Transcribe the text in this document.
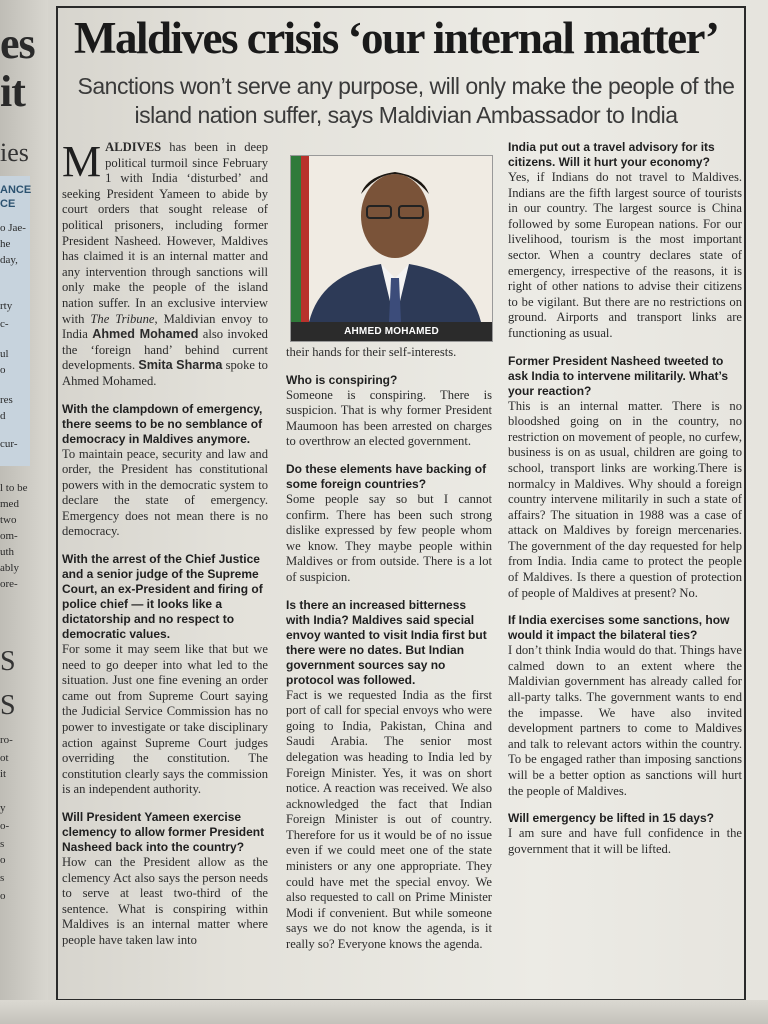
es
it
ies
ANCE
CE
o Jae-
he
day,
rty
c-
ul
o
res
d
cur-
l to be
med
two
om-
uth
ably
ore-
S
S
ro-
ot
it
y
o-
s
o
s
o
Maldives crisis ‘our internal matter’
Sanctions won’t serve any purpose, will only make the people of the island nation suffer, says Maldivian Ambassador to India

MALDIVES has been in deep political turmoil since February 1 with India ‘disturbed’ and seeking President Yameen to abide by court orders that sought release of political prisoners, including former President Nasheed. However, Maldives has claimed it is an internal matter and any intervention through sanctions will only make the people of the island nation suffer. In an exclusive interview with The Tribune, Maldivian envoy to India Ahmed Mohamed also invoked the ‘foreign hand’ behind current developments. Smita Sharma spoke to Ahmed Mohamed.

With the clampdown of emergency, there seems to be no semblance of democracy in Maldives anymore.

To maintain peace, security and law and order, the President has constitutional powers with in the democratic system to declare the state of emergency. Emergency does not mean there is no democracy.

With the arrest of the Chief Justice and a senior judge of the Supreme Court, an ex-President and firing of police chief — it looks like a dictatorship and no respect to democratic values.

For some it may seem like that but we need to go deeper into what led to the situation. Just one fine evening an order came out from Supreme Court saying the Judicial Service Commission has no power to investigate or take disciplinary action against Supreme Court judges overriding the constitution. The constitution clearly says the commission is an independent authority.

Will President Yameen exercise clemency to allow former President Nasheed back into the country?

How can the President allow as the clemency Act also says the person needs to serve at least two-third of the sentence. What is conspiring within Maldives is an internal matter where people have taken law into

AHMED MOHAMED

their hands for their self-interests.

Who is conspiring?

Someone is conspiring. There is suspicion. That is why former President Maumoon has been arrested on charges to overthrow an elected government.

Do these elements have backing of some foreign countries?

Some people say so but I cannot confirm. There has been such strong dislike expressed by few people whom we know. They maybe people within Maldives or from outside. There is a lot of suspicion.

Is there an increased bitterness with India? Maldives said special envoy wanted to visit India first but there were no dates. But Indian government sources say no protocol was followed.

Fact is we requested India as the first port of call for special envoys who were going to India, Pakistan, China and Saudi Arabia. The senior most delegation was heading to India led by Foreign Minister. Yes, it was on short notice. A reaction was received. We also acknowledged the fact that Indian Foreign Minister is out of country. Therefore for us it would be of no issue even if we could meet one of the state ministers or any one appropriate. They could have met the special envoy. We also requested to call on Prime Minister Modi if convenient. But while someone says we do not know the agenda, is it really so? Everyone knows the agenda.

India put out a travel advisory for its citizens. Will it hurt your economy?

Yes, if Indians do not travel to Maldives. Indians are the fifth largest source of tourists in our country. The largest source is China followed by some European nations. For our livelihood, tourism is the most important sector. When a country declares state of emergency, irrespective of the reasons, it is right of other nations to advise their citizens to be vigilant. But there are no restrictions on ground. Airports and transport links are functioning as usual.

Former President Nasheed tweeted to ask India to intervene militarily. What’s your reaction?

This is an internal matter. There is no bloodshed going on in the country, no restriction on movement of people, no curfew, business is on as usual, children are going to school, transport links are working.There is normalcy in Maldives. Why should a foreign country intervene militarily in such a state of affairs? The situation in 1988 was a case of attack on Maldives by foreign mercenaries. The government of the day requested for help from India. India came to protect the people of Maldives. Is there a question of protection of people of Maldives at present? No.

If India exercises some sanctions, how would it impact the bilateral ties?

I don’t think India would do that. Things have calmed down to an extent where the Maldivian government has already called for all-party talks. The government wants to end the impasse. We have also invited development partners to come to Maldives and talk to relevant actors within the country. To be engaged rather than imposing sanctions will be a better option as sanctions will hurt the people of Maldives.

Will emergency be lifted in 15 days?

I am sure and have full confidence in the government that it will be lifted.
